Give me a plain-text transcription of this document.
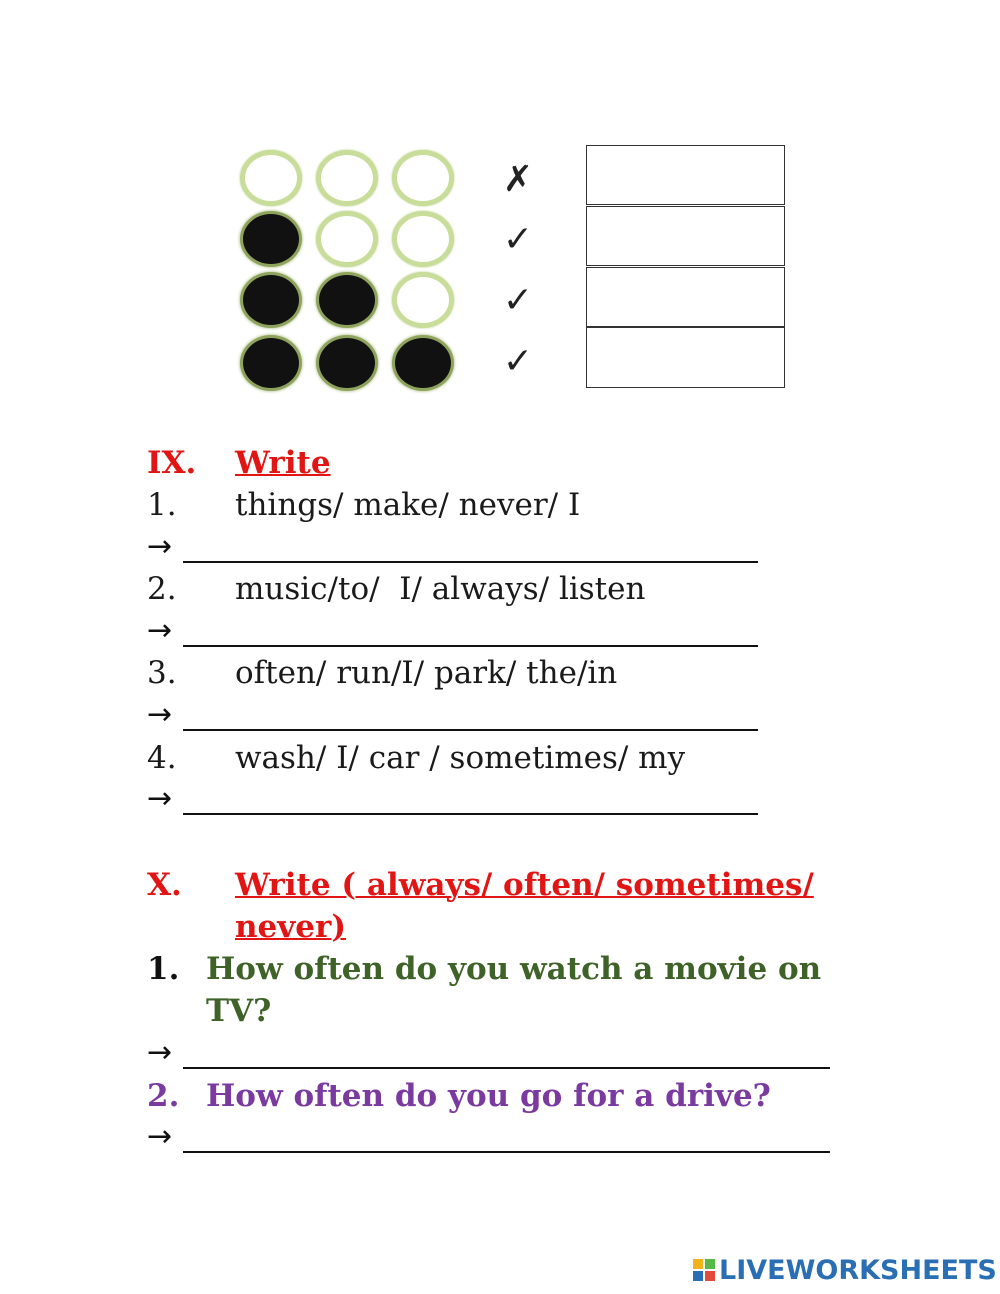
✗
✓
✓
✓
IX. Write
1. things/ make/ never/ I
→
2. music/to/  I/ always/ listen
→
3. often/ run/I/ park/ the/in
→
4. wash/ I/ car / sometimes/ my
→
X. Write ( always/ often/ sometimes/
never)
1. How often do you watch a movie on
TV?
→
2. How often do you go for a drive?
→
LIVEWORKSHEETS
